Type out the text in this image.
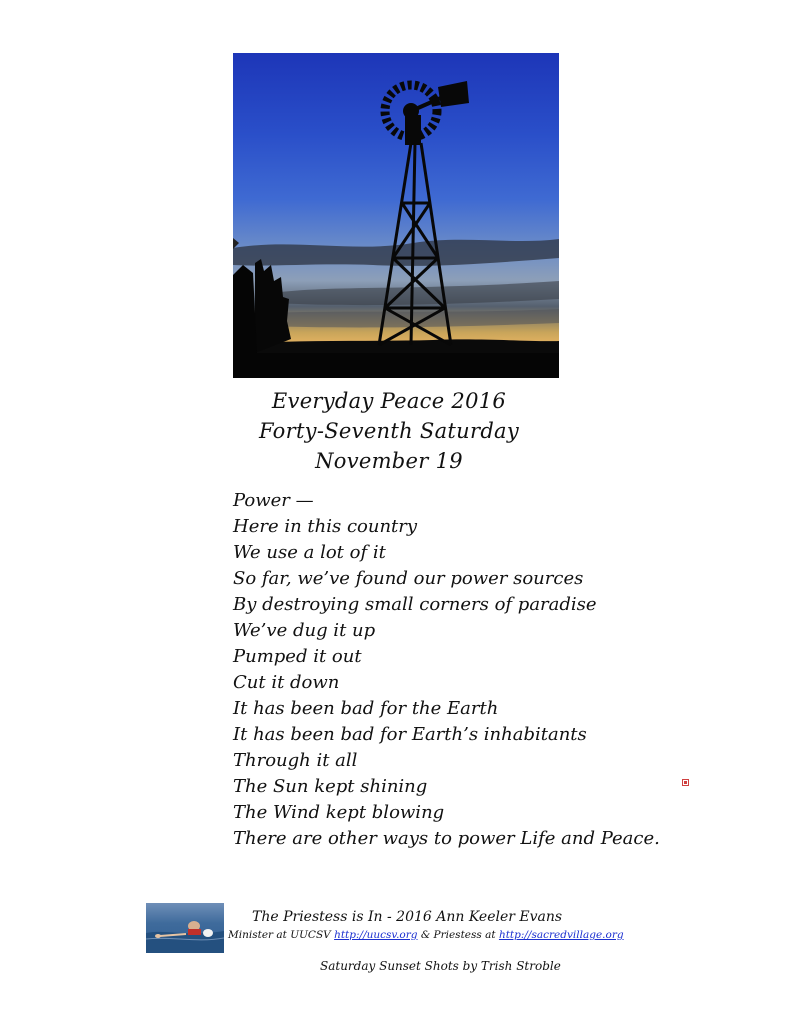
Everyday Peace 2016
Forty-Seventh Saturday
November 19
Power —
Here in this country
We use a lot of it
So far, we’ve found our power sources
By destroying small corners of paradise
We’ve dug it up
Pumped it out
Cut it down
It has been bad for the Earth
It has been bad for Earth’s inhabitants
Through it all
The Sun kept shining
The Wind kept blowing
There are other ways to power Life and Peace.
The Priestess is In - 2016 Ann Keeler Evans
Minister at UUCSV http://uucsv.org & Priestess at http://sacredvillage.org
Saturday Sunset Shots by Trish Stroble
